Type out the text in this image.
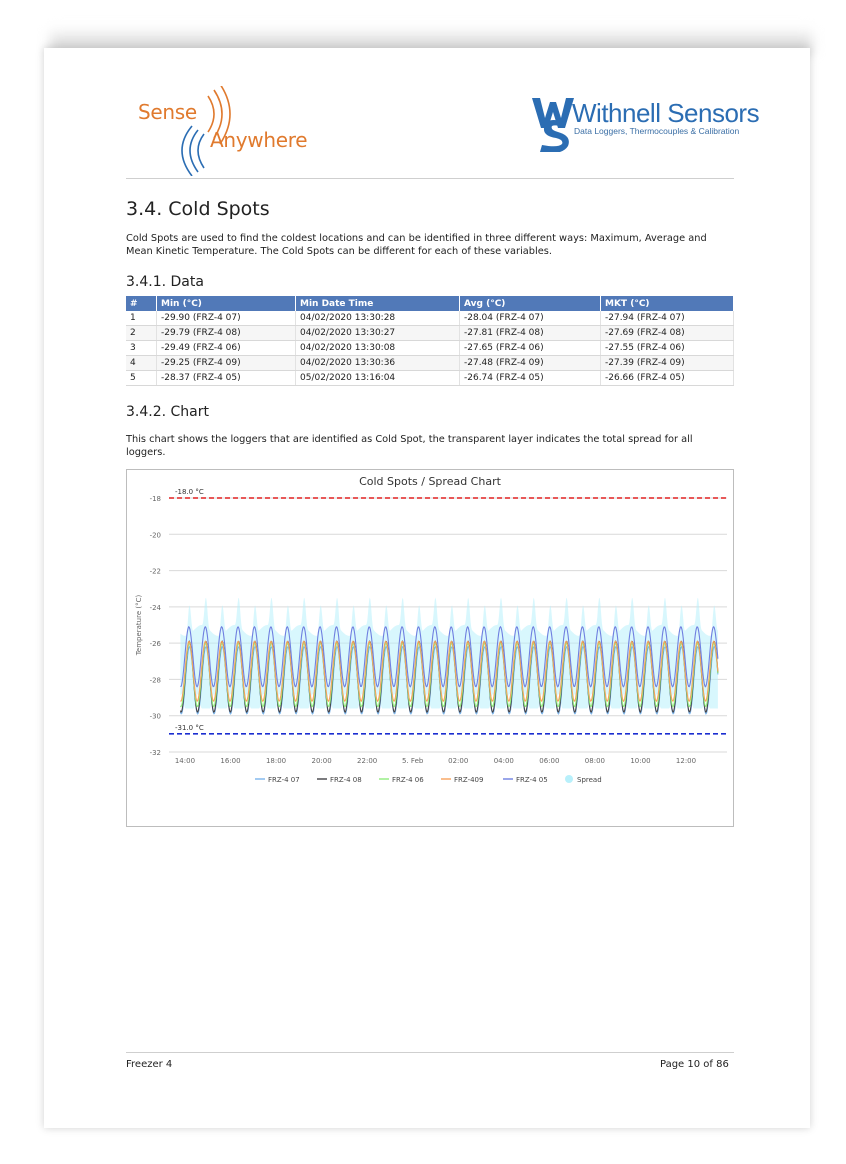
Sense
Anywhere
Withnell Sensors
Data Loggers, Thermocouples & Calibration
3.4. Cold Spots

Cold Spots are used to find the coldest locations and can be identified in three different ways: Maximum, Average and Mean Kinetic Temperature. The Cold Spots can be different for each of these variables.

3.4.1. Data
#	Min (°C)	Min Date Time	Avg (°C)	MKT (°C)
1	-29.90 (FRZ-4 07)	04/02/2020 13:30:28	-28.04 (FRZ-4 07)	-27.94 (FRZ-4 07)
2	-29.79 (FRZ-4 08)	04/02/2020 13:30:27	-27.81 (FRZ-4 08)	-27.69 (FRZ-4 08)
3	-29.49 (FRZ-4 06)	04/02/2020 13:30:08	-27.65 (FRZ-4 06)	-27.55 (FRZ-4 06)
4	-29.25 (FRZ-4 09)	04/02/2020 13:30:36	-27.48 (FRZ-4 09)	-27.39 (FRZ-4 09)
5	-28.37 (FRZ-4 05)	05/02/2020 13:16:04	-26.74 (FRZ-4 05)	-26.66 (FRZ-4 05)
3.4.2. Chart

This chart shows the loggers that are identified as Cold Spot, the transparent layer indicates the total spread for all loggers.

Cold Spots / Spread Chart
-18
-20
-22
-24
-26
-28
-30
-32
Temperature (°C)
14:00	16:00	18:00	20:00	22:00	5. Feb	02:00	04:00	06:00	08:00	10:00	12:00
-18.0 °C
-31.0 °C
FRZ-4 07	FRZ-4 08	FRZ-4 06	FRZ-409	FRZ-4 05	Spread
Freezer 4	Page 10 of 86
